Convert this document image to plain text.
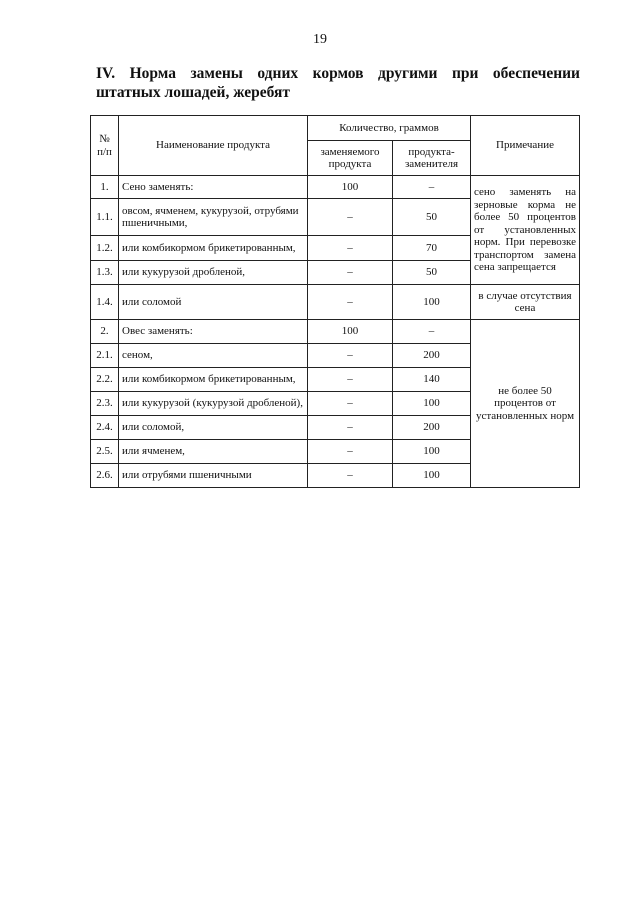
19
IV. Норма замены одних кормов другими при обеспечении
штатных лошадей, жеребят
№ п/п	Наименование продукта	Количество, граммов		Примечание
		заменяемого продукта	продукта-заменителя	
1.	Сено заменять:	100	–	сено заменять на зерновые корма не более 50 процентов от установленных норм. При перевозке транспортом замена сена запрещается
1.1.	овсом, ячменем, кукурузой, отрубями пшеничными,	–	50	
1.2.	или комбикормом брикетированным,	–	70	
1.3.	или кукурузой дробленой,	–	50	
1.4.	или соломой	–	100	в случае отсутствия сена
2.	Овес заменять:	100	–	не более 50 процентов от установленных норм
2.1.	сеном,	–	200	
2.2.	или комбикормом брикетированным,	–	140	
2.3.	или кукурузой (кукурузой дробленой),	–	100	
2.4.	или соломой,	–	200	
2.5.	или ячменем,	–	100	
2.6.	или отрубями пшеничными	–	100	
